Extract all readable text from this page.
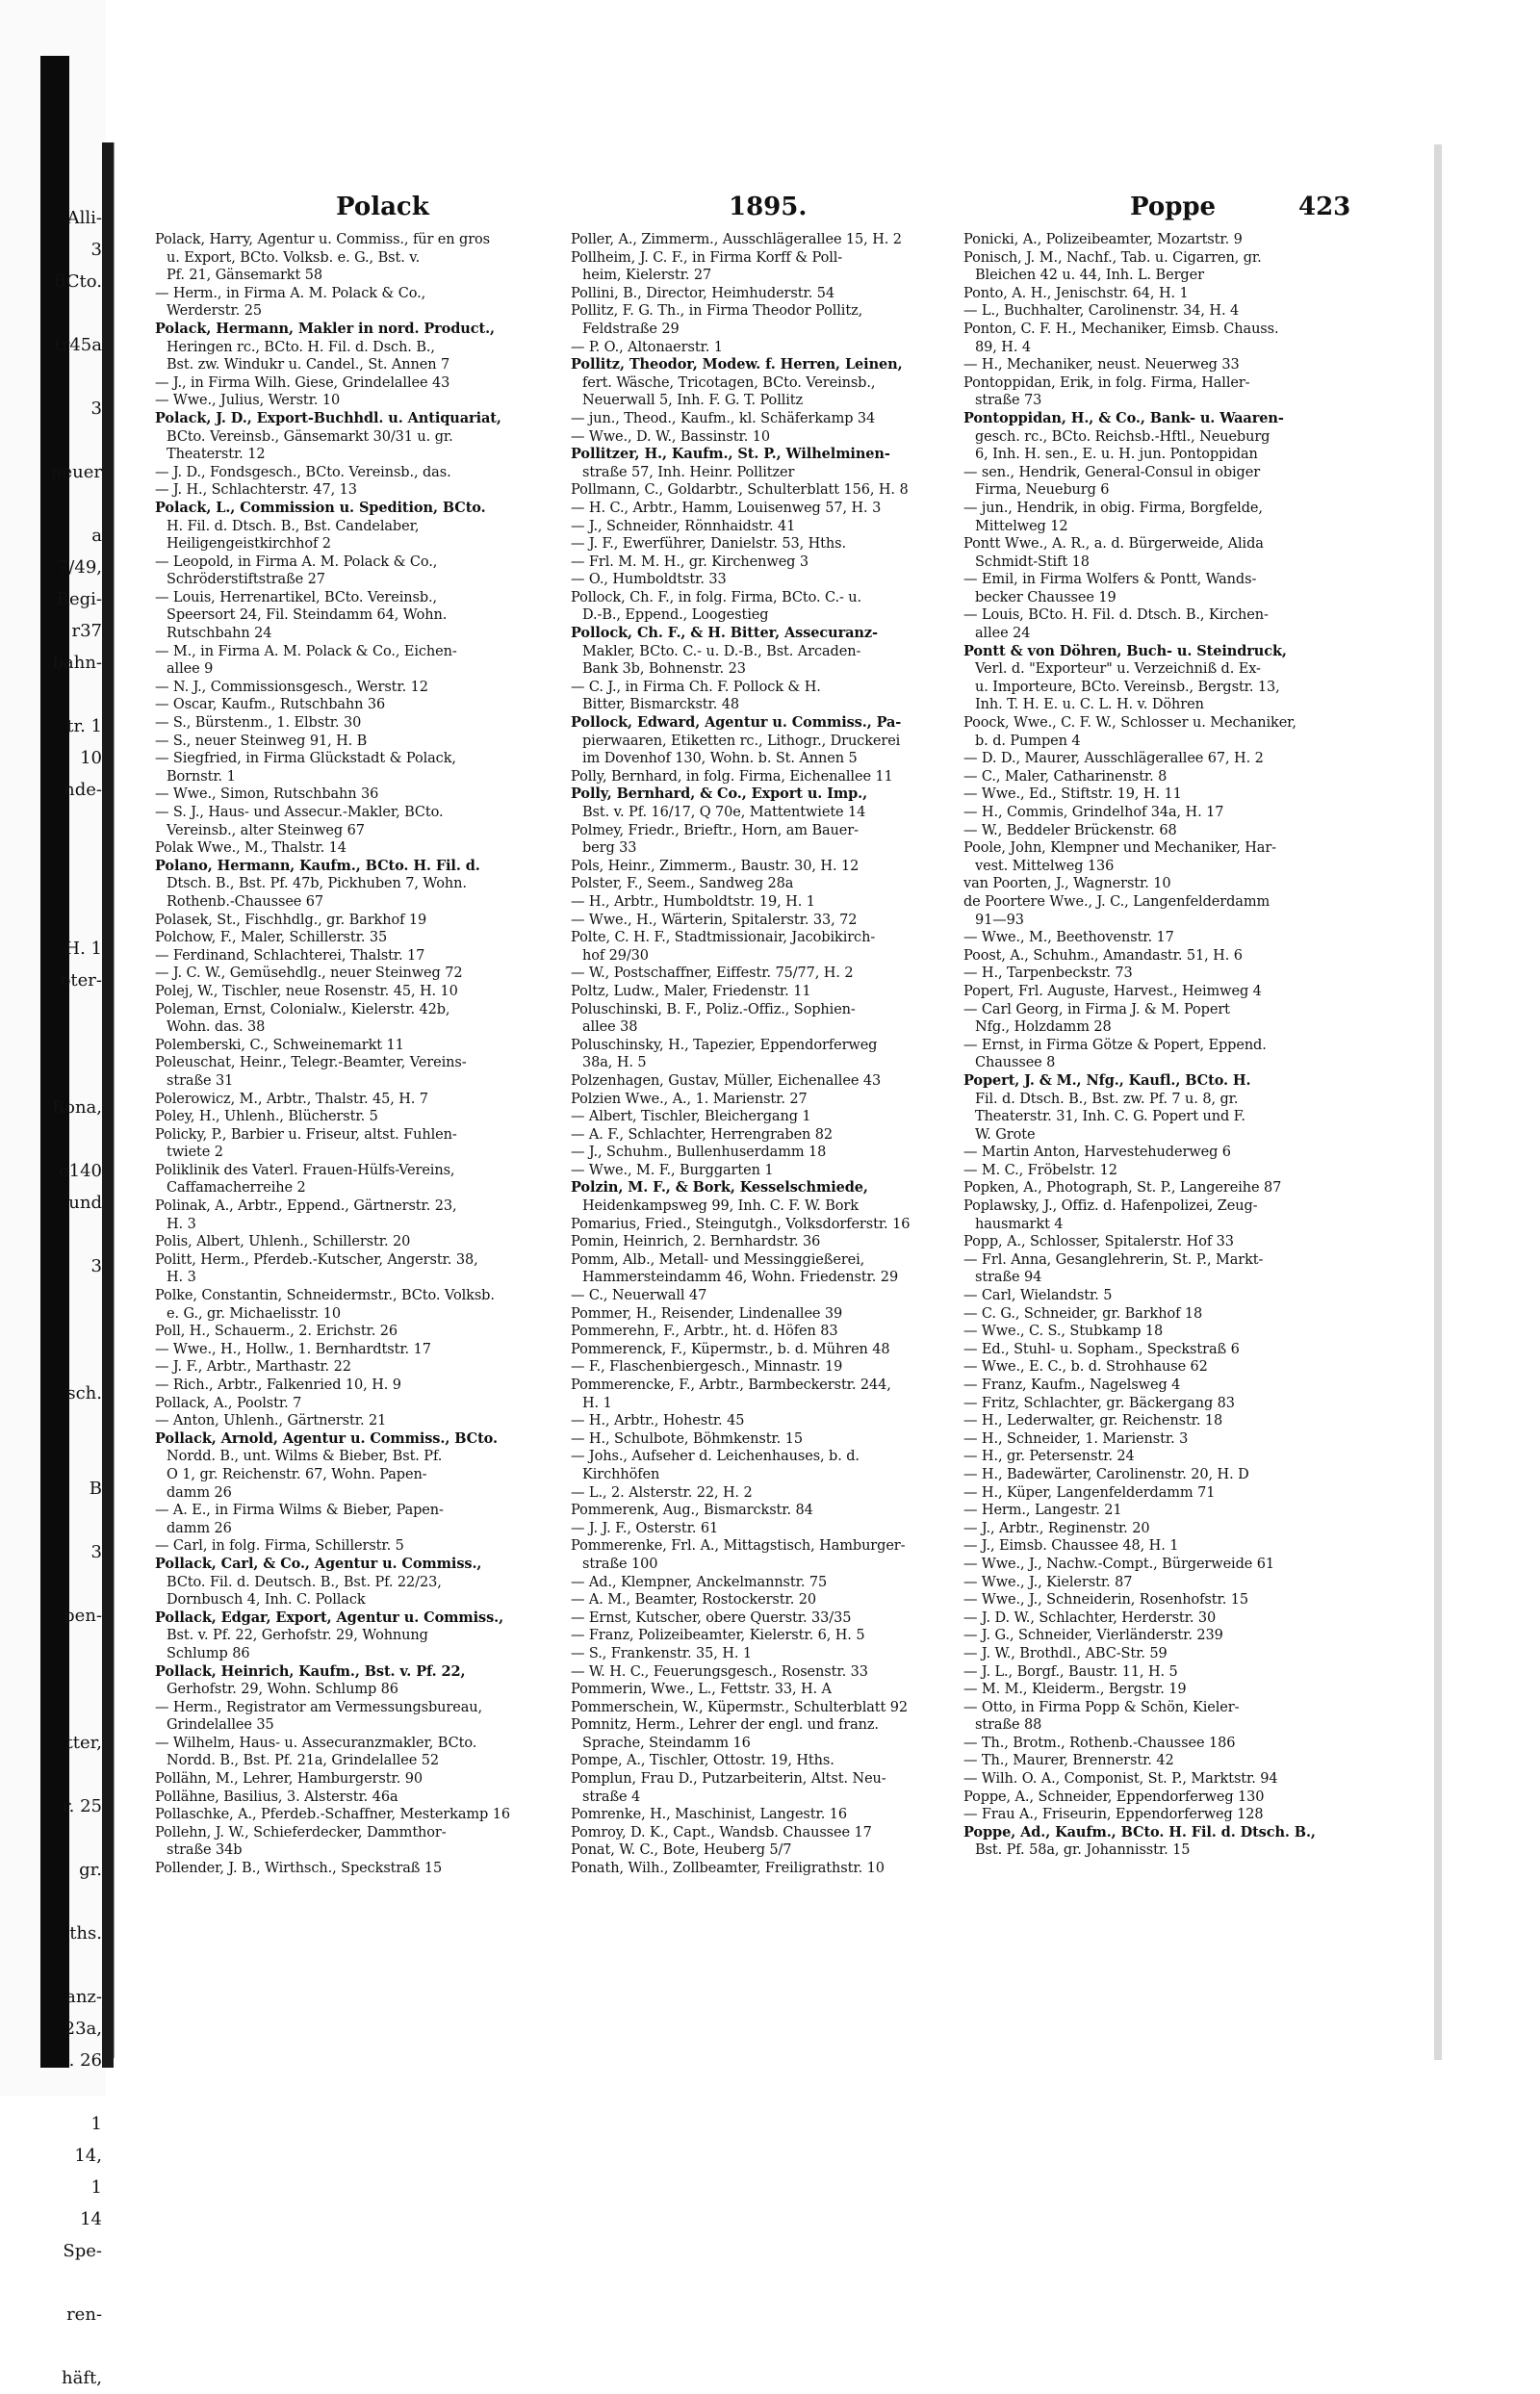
Alli-
3
BCto.
tr45a
3
neuer
a
7/49,
Regi-
r37
bahn-
tr. 1
10
nde-
H. 1
oter-
Bona,
e140
und
3
sch.
B
3
pen-
tter,
r. 25
gr.
ths.
anz-
23a,
. 26
1
14,
1
14
Spe-
ren-
häft,
Polack	1895.	Poppe	423
Polack, Harry, Agentur u. Commiss., für en gros
u. Export, BCto. Volksb. e. G., Bst. v.
Pf. 21, Gänsemarkt 58
— Herm., in Firma A. M. Polack & Co.,
Werderstr. 25
Polack, Hermann, Makler in nord. Product.,
Heringen rc., BCto. H. Fil. d. Dsch. B.,
Bst. zw. Windukr u. Candel., St. Annen 7
— J., in Firma Wilh. Giese, Grindelallee 43
— Wwe., Julius, Werstr. 10
Polack, J. D., Export-Buchhdl. u. Antiquariat,
BCto. Vereinsb., Gänsemarkt 30/31 u. gr.
Theaterstr. 12
— J. D., Fondsgesch., BCto. Vereinsb., das.
— J. H., Schlachterstr. 47, 13
Polack, L., Commission u. Spedition, BCto.
H. Fil. d. Dtsch. B., Bst. Candelaber,
Heiligengeistkirchhof 2
— Leopold, in Firma A. M. Polack & Co.,
Schröderstiftstraße 27
— Louis, Herrenartikel, BCto. Vereinsb.,
Speersort 24, Fil. Steindamm 64, Wohn.
Rutschbahn 24
— M., in Firma A. M. Polack & Co., Eichen-
allee 9
— N. J., Commissionsgesch., Werstr. 12
— Oscar, Kaufm., Rutschbahn 36
— S., Bürstenm., 1. Elbstr. 30
— S., neuer Steinweg 91, H. B
— Siegfried, in Firma Glückstadt & Polack,
Bornstr. 1
— Wwe., Simon, Rutschbahn 36
— S. J., Haus- und Assecur.-Makler, BCto.
Vereinsb., alter Steinweg 67
Polak Wwe., M., Thalstr. 14
Polano, Hermann, Kaufm., BCto. H. Fil. d.
Dtsch. B., Bst. Pf. 47b, Pickhuben 7, Wohn.
Rothenb.-Chaussee 67
Polasek, St., Fischhdlg., gr. Barkhof 19
Polchow, F., Maler, Schillerstr. 35
— Ferdinand, Schlachterei, Thalstr. 17
— J. C. W., Gemüsehdlg., neuer Steinweg 72
Polej, W., Tischler, neue Rosenstr. 45, H. 10
Poleman, Ernst, Colonialw., Kielerstr. 42b,
Wohn. das. 38
Polemberski, C., Schweinemarkt 11
Poleuschat, Heinr., Telegr.-Beamter, Vereins-
straße 31
Polerowicz, M., Arbtr., Thalstr. 45, H. 7
Poley, H., Uhlenh., Blücherstr. 5
Policky, P., Barbier u. Friseur, altst. Fuhlen-
twiete 2
Poliklinik des Vaterl. Frauen-Hülfs-Vereins,
Caffamacherreihe 2
Polinak, A., Arbtr., Eppend., Gärtnerstr. 23,
H. 3
Polis, Albert, Uhlenh., Schillerstr. 20
Politt, Herm., Pferdeb.-Kutscher, Angerstr. 38,
H. 3
Polke, Constantin, Schneidermstr., BCto. Volksb.
e. G., gr. Michaelisstr. 10
Poll, H., Schauerm., 2. Erichstr. 26
— Wwe., H., Hollw., 1. Bernhardtstr. 17
— J. F., Arbtr., Marthastr. 22
— Rich., Arbtr., Falkenried 10, H. 9
Pollack, A., Poolstr. 7
— Anton, Uhlenh., Gärtnerstr. 21
Pollack, Arnold, Agentur u. Commiss., BCto.
Nordd. B., unt. Wilms & Bieber, Bst. Pf.
O 1, gr. Reichenstr. 67, Wohn. Papen-
damm 26
— A. E., in Firma Wilms & Bieber, Papen-
damm 26
— Carl, in folg. Firma, Schillerstr. 5
Pollack, Carl, & Co., Agentur u. Commiss.,
BCto. Fil. d. Deutsch. B., Bst. Pf. 22/23,
Dornbusch 4, Inh. C. Pollack
Pollack, Edgar, Export, Agentur u. Commiss.,
Bst. v. Pf. 22, Gerhofstr. 29, Wohnung
Schlump 86
Pollack, Heinrich, Kaufm., Bst. v. Pf. 22,
Gerhofstr. 29, Wohn. Schlump 86
— Herm., Registrator am Vermessungsbureau,
Grindelallee 35
— Wilhelm, Haus- u. Assecuranzmakler, BCto.
Nordd. B., Bst. Pf. 21a, Grindelallee 52
Pollähn, M., Lehrer, Hamburgerstr. 90
Pollähne, Basilius, 3. Alsterstr. 46a
Pollaschke, A., Pferdeb.-Schaffner, Mesterkamp 16
Pollehn, J. W., Schieferdecker, Dammthor-
straße 34b
Pollender, J. B., Wirthsch., Speckstraß 15
Poller, A., Zimmerm., Ausschlägerallee 15, H. 2
Pollheim, J. C. F., in Firma Korff & Poll-
heim, Kielerstr. 27
Pollini, B., Director, Heimhuderstr. 54
Pollitz, F. G. Th., in Firma Theodor Pollitz,
Feldstraße 29
— P. O., Altonaerstr. 1
Pollitz, Theodor, Modew. f. Herren, Leinen,
fert. Wäsche, Tricotagen, BCto. Vereinsb.,
Neuerwall 5, Inh. F. G. T. Pollitz
— jun., Theod., Kaufm., kl. Schäferkamp 34
— Wwe., D. W., Bassinstr. 10
Pollitzer, H., Kaufm., St. P., Wilhelminen-
straße 57, Inh. Heinr. Pollitzer
Pollmann, C., Goldarbtr., Schulterblatt 156, H. 8
— H. C., Arbtr., Hamm, Louisenweg 57, H. 3
— J., Schneider, Rönnhaidstr. 41
— J. F., Ewerführer, Danielstr. 53, Hths.
— Frl. M. M. H., gr. Kirchenweg 3
— O., Humboldtstr. 33
Pollock, Ch. F., in folg. Firma, BCto. C.- u.
D.-B., Eppend., Loogestieg
Pollock, Ch. F., & H. Bitter, Assecuranz-
Makler, BCto. C.- u. D.-B., Bst. Arcaden-
Bank 3b, Bohnenstr. 23
— C. J., in Firma Ch. F. Pollock & H.
Bitter, Bismarckstr. 48
Pollock, Edward, Agentur u. Commiss., Pa-
pierwaaren, Etiketten rc., Lithogr., Druckerei
im Dovenhof 130, Wohn. b. St. Annen 5
Polly, Bernhard, in folg. Firma, Eichenallee 11
Polly, Bernhard, & Co., Export u. Imp.,
Bst. v. Pf. 16/17, Q 70e, Mattentwiete 14
Polmey, Friedr., Brieftr., Horn, am Bauer-
berg 33
Pols, Heinr., Zimmerm., Baustr. 30, H. 12
Polster, F., Seem., Sandweg 28a
— H., Arbtr., Humboldtstr. 19, H. 1
— Wwe., H., Wärterin, Spitalerstr. 33, 72
Polte, C. H. F., Stadtmissionair, Jacobikirch-
hof 29/30
— W., Postschaffner, Eiffestr. 75/77, H. 2
Poltz, Ludw., Maler, Friedenstr. 11
Poluschinski, B. F., Poliz.-Offiz., Sophien-
allee 38
Poluschinsky, H., Tapezier, Eppendorferweg
38a, H. 5
Polzenhagen, Gustav, Müller, Eichenallee 43
Polzien Wwe., A., 1. Marienstr. 27
— Albert, Tischler, Bleichergang 1
— A. F., Schlachter, Herrengraben 82
— J., Schuhm., Bullenhuserdamm 18
— Wwe., M. F., Burggarten 1
Polzin, M. F., & Bork, Kesselschmiede,
Heidenkampsweg 99, Inh. C. F. W. Bork
Pomarius, Fried., Steingutgh., Volksdorferstr. 16
Pomin, Heinrich, 2. Bernhardstr. 36
Pomm, Alb., Metall- und Messinggießerei,
Hammersteindamm 46, Wohn. Friedenstr. 29
— C., Neuerwall 47
Pommer, H., Reisender, Lindenallee 39
Pommerehn, F., Arbtr., ht. d. Höfen 83
Pommerenck, F., Küpermstr., b. d. Mühren 48
— F., Flaschenbiergesch., Minnastr. 19
Pommerencke, F., Arbtr., Barmbeckerstr. 244,
H. 1
— H., Arbtr., Hohestr. 45
— H., Schulbote, Böhmkenstr. 15
— Johs., Aufseher d. Leichenhauses, b. d.
Kirchhöfen
— L., 2. Alsterstr. 22, H. 2
Pommerenk, Aug., Bismarckstr. 84
— J. J. F., Osterstr. 61
Pommerenke, Frl. A., Mittagstisch, Hamburger-
straße 100
— Ad., Klempner, Anckelmannstr. 75
— A. M., Beamter, Rostockerstr. 20
— Ernst, Kutscher, obere Querstr. 33/35
— Franz, Polizeibeamter, Kielerstr. 6, H. 5
— S., Frankenstr. 35, H. 1
— W. H. C., Feuerungsgesch., Rosenstr. 33
Pommerin, Wwe., L., Fettstr. 33, H. A
Pommerschein, W., Küpermstr., Schulterblatt 92
Pomnitz, Herm., Lehrer der engl. und franz.
Sprache, Steindamm 16
Pompe, A., Tischler, Ottostr. 19, Hths.
Pomplun, Frau D., Putzarbeiterin, Altst. Neu-
straße 4
Pomrenke, H., Maschinist, Langestr. 16
Pomroy, D. K., Capt., Wandsb. Chaussee 17
Ponat, W. C., Bote, Heuberg 5/7
Ponath, Wilh., Zollbeamter, Freiligrathstr. 10
Ponicki, A., Polizeibeamter, Mozartstr. 9
Ponisch, J. M., Nachf., Tab. u. Cigarren, gr.
Bleichen 42 u. 44, Inh. L. Berger
Ponto, A. H., Jenischstr. 64, H. 1
— L., Buchhalter, Carolinenstr. 34, H. 4
Ponton, C. F. H., Mechaniker, Eimsb. Chauss.
89, H. 4
— H., Mechaniker, neust. Neuerweg 33
Pontoppidan, Erik, in folg. Firma, Haller-
straße 73
Pontoppidan, H., & Co., Bank- u. Waaren-
gesch. rc., BCto. Reichsb.-Hftl., Neueburg
6, Inh. H. sen., E. u. H. jun. Pontoppidan
— sen., Hendrik, General-Consul in obiger
Firma, Neueburg 6
— jun., Hendrik, in obig. Firma, Borgfelde,
Mittelweg 12
Pontt Wwe., A. R., a. d. Bürgerweide, Alida
Schmidt-Stift 18
— Emil, in Firma Wolfers & Pontt, Wands-
becker Chaussee 19
— Louis, BCto. H. Fil. d. Dtsch. B., Kirchen-
allee 24
Pontt & von Döhren, Buch- u. Steindruck,
Verl. d. "Exporteur" u. Verzeichniß d. Ex-
u. Importeure, BCto. Vereinsb., Bergstr. 13,
Inh. T. H. E. u. C. L. H. v. Döhren
Poock, Wwe., C. F. W., Schlosser u. Mechaniker,
b. d. Pumpen 4
— D. D., Maurer, Ausschlägerallee 67, H. 2
— C., Maler, Catharinenstr. 8
— Wwe., Ed., Stiftstr. 19, H. 11
— H., Commis, Grindelhof 34a, H. 17
— W., Beddeler Brückenstr. 68
Poole, John, Klempner und Mechaniker, Har-
vest. Mittelweg 136
van Poorten, J., Wagnerstr. 10
de Poortere Wwe., J. C., Langenfelderdamm
91—93
— Wwe., M., Beethovenstr. 17
Poost, A., Schuhm., Amandastr. 51, H. 6
— H., Tarpenbeckstr. 73
Popert, Frl. Auguste, Harvest., Heimweg 4
— Carl Georg, in Firma J. & M. Popert
Nfg., Holzdamm 28
— Ernst, in Firma Götze & Popert, Eppend.
Chaussee 8
Popert, J. & M., Nfg., Kaufl., BCto. H.
Fil. d. Dtsch. B., Bst. zw. Pf. 7 u. 8, gr.
Theaterstr. 31, Inh. C. G. Popert und F.
W. Grote
— Martin Anton, Harvestehuderweg 6
— M. C., Fröbelstr. 12
Popken, A., Photograph, St. P., Langereihe 87
Poplawsky, J., Offiz. d. Hafenpolizei, Zeug-
hausmarkt 4
Popp, A., Schlosser, Spitalerstr. Hof 33
— Frl. Anna, Gesanglehrerin, St. P., Markt-
straße 94
— Carl, Wielandstr. 5
— C. G., Schneider, gr. Barkhof 18
— Wwe., C. S., Stubkamp 18
— Ed., Stuhl- u. Sopham., Speckstraß 6
— Wwe., E. C., b. d. Strohhause 62
— Franz, Kaufm., Nagelsweg 4
— Fritz, Schlachter, gr. Bäckergang 83
— H., Lederwalter, gr. Reichenstr. 18
— H., Schneider, 1. Marienstr. 3
— H., gr. Petersenstr. 24
— H., Badewärter, Carolinenstr. 20, H. D
— H., Küper, Langenfelderdamm 71
— Herm., Langestr. 21
— J., Arbtr., Reginenstr. 20
— J., Eimsb. Chaussee 48, H. 1
— Wwe., J., Nachw.-Compt., Bürgerweide 61
— Wwe., J., Kielerstr. 87
— Wwe., J., Schneiderin, Rosenhofstr. 15
— J. D. W., Schlachter, Herderstr. 30
— J. G., Schneider, Vierländerstr. 239
— J. W., Brothdl., ABC-Str. 59
— J. L., Borgf., Baustr. 11, H. 5
— M. M., Kleiderm., Bergstr. 19
— Otto, in Firma Popp & Schön, Kieler-
straße 88
— Th., Brotm., Rothenb.-Chaussee 186
— Th., Maurer, Brennerstr. 42
— Wilh. O. A., Componist, St. P., Marktstr. 94
Poppe, A., Schneider, Eppendorferweg 130
— Frau A., Friseurin, Eppendorferweg 128
Poppe, Ad., Kaufm., BCto. H. Fil. d. Dtsch. B.,
Bst. Pf. 58a, gr. Johannisstr. 15
